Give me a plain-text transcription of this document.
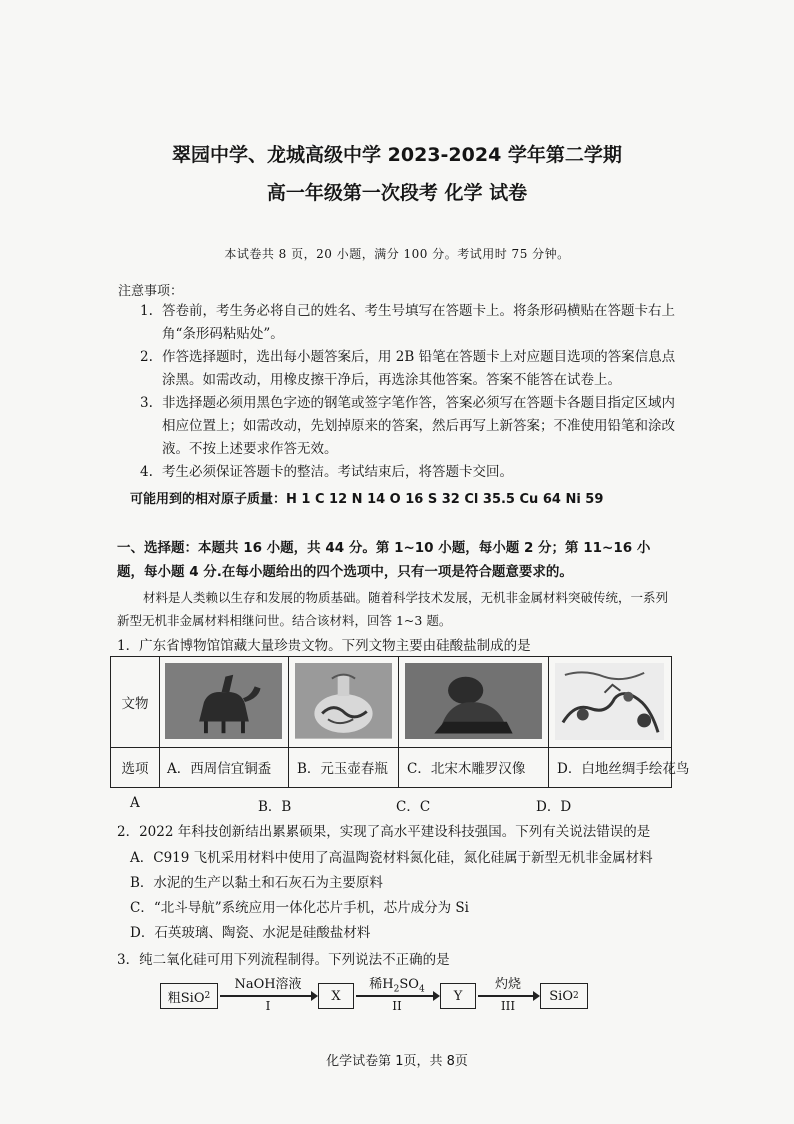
翠园中学、龙城高级中学 2023-2024 学年第二学期
高一年级第一次段考 化学 试卷
本试卷共 8 页，20 小题，满分 100 分。考试用时 75 分钟。
注意事项：
1. 答卷前，考生务必将自己的姓名、考生号填写在答题卡上。将条形码横贴在答题卡右上角“条形码粘贴处”。
2. 作答选择题时，选出每小题答案后，用 2B 铅笔在答题卡上对应题目选项的答案信息点涂黑。如需改动，用橡皮擦干净后，再选涂其他答案。答案不能答在试卷上。
3. 非选择题必须用黑色字迹的钢笔或签字笔作答，答案必须写在答题卡各题目指定区域内相应位置上；如需改动，先划掉原来的答案，然后再写上新答案；不准使用铅笔和涂改液。不按上述要求作答无效。
4. 考生必须保证答题卡的整洁。考试结束后，将答题卡交回。
可能用到的相对原子质量：H 1 C 12 N 14 O 16 S 32 Cl 35.5 Cu 64 Ni 59
一、选择题：本题共 16 小题，共 44 分。第 1~10 小题，每小题 2 分；第 11~16 小题，每小题 4 分.在每小题给出的四个选项中，只有一项是符合题意要求的。
材料是人类赖以生存和发展的物质基础。随着科学技术发展，无机非金属材料突破传统，一系列新型无机非金属材料相继问世。结合该材料，回答 1~3 题。
1．广东省博物馆馆藏大量珍贵文物。下列文物主要由硅酸盐制成的是
文物
选项	A．西周信宜铜盉 B．元玉壶春瓶 C．北宋木雕罗汉像 D．白地丝绸手绘花鸟
A	B．B	C．C	D．D
2．2022 年科技创新结出累累硕果，实现了高水平建设科技强国。下列有关说法错误的是
A．C919 飞机采用材料中使用了高温陶瓷材料氮化硅，氮化硅属于新型无机非金属材料
B．水泥的生产以黏土和石灰石为主要原料
C．“北斗导航”系统应用一体化芯片手机，芯片成分为 Si
D．石英玻璃、陶瓷、水泥是硅酸盐材料
3．纯二氧化硅可用下列流程制得。下列说法不正确的是
粗SiO 2
NaOH溶液
I
X
稀$H_2SO_4$
II
Y
灼烧
III
SiO 2
化学试卷第 1页，共 8页
